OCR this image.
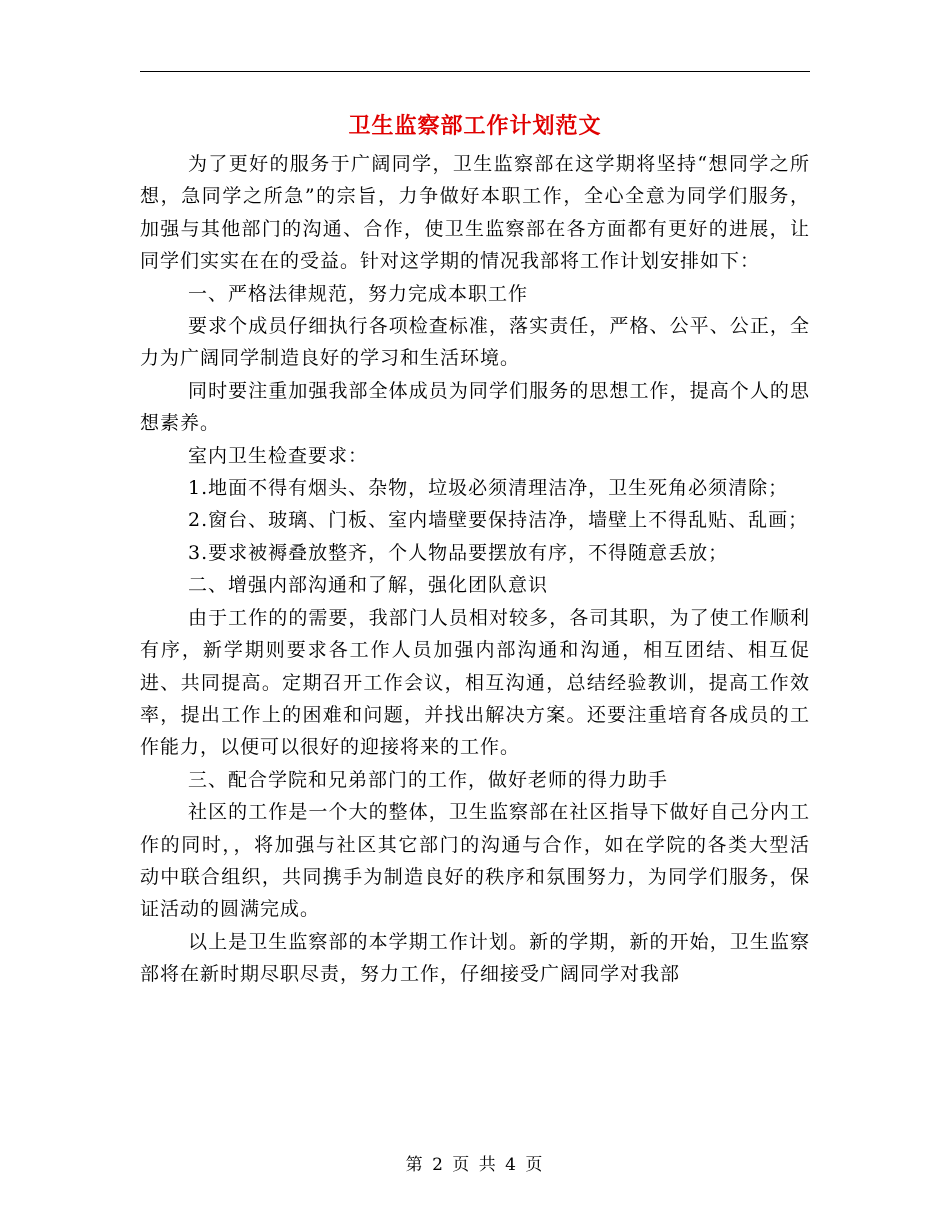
卫生监察部工作计划范文

为了更好的服务于广阔同学，卫生监察部在这学期将坚持“想同学之所想，急同学之所急”的宗旨，力争做好本职工作，全心全意为同学们服务，加强与其他部门的沟通、合作，使卫生监察部在各方面都有更好的进展，让同学们实实在在的受益。针对这学期的情况我部将工作计划安排如下：

一、严格法律规范，努力完成本职工作

要求个成员仔细执行各项检查标准，落实责任，严格、公平、公正，全力为广阔同学制造良好的学习和生活环境。

同时要注重加强我部全体成员为同学们服务的思想工作，提高个人的思想素养。

室内卫生检查要求：

1.地面不得有烟头、杂物，垃圾必须清理洁净，卫生死角必须清除；

2.窗台、玻璃、门板、室内墙壁要保持洁净，墙壁上不得乱贴、乱画；

3.要求被褥叠放整齐，个人物品要摆放有序，不得随意丢放；

二、增强内部沟通和了解，强化团队意识

由于工作的的需要，我部门人员相对较多，各司其职，为了使工作顺利有序，新学期则要求各工作人员加强内部沟通和沟通，相互团结、相互促进、共同提高。定期召开工作会议，相互沟通，总结经验教训，提高工作效率，提出工作上的困难和问题，并找出解决方案。还要注重培育各成员的工作能力，以便可以很好的迎接将来的工作。

三、配合学院和兄弟部门的工作，做好老师的得力助手

社区的工作是一个大的整体，卫生监察部在社区指导下做好自己分内工作的同时，，将加强与社区其它部门的沟通与合作，如在学院的各类大型活动中联合组织，共同携手为制造良好的秩序和氛围努力，为同学们服务，保证活动的圆满完成。

以上是卫生监察部的本学期工作计划。新的学期，新的开始，卫生监察部将在新时期尽职尽责，努力工作，仔细接受广阔同学对我部

第 2 页 共 4 页
